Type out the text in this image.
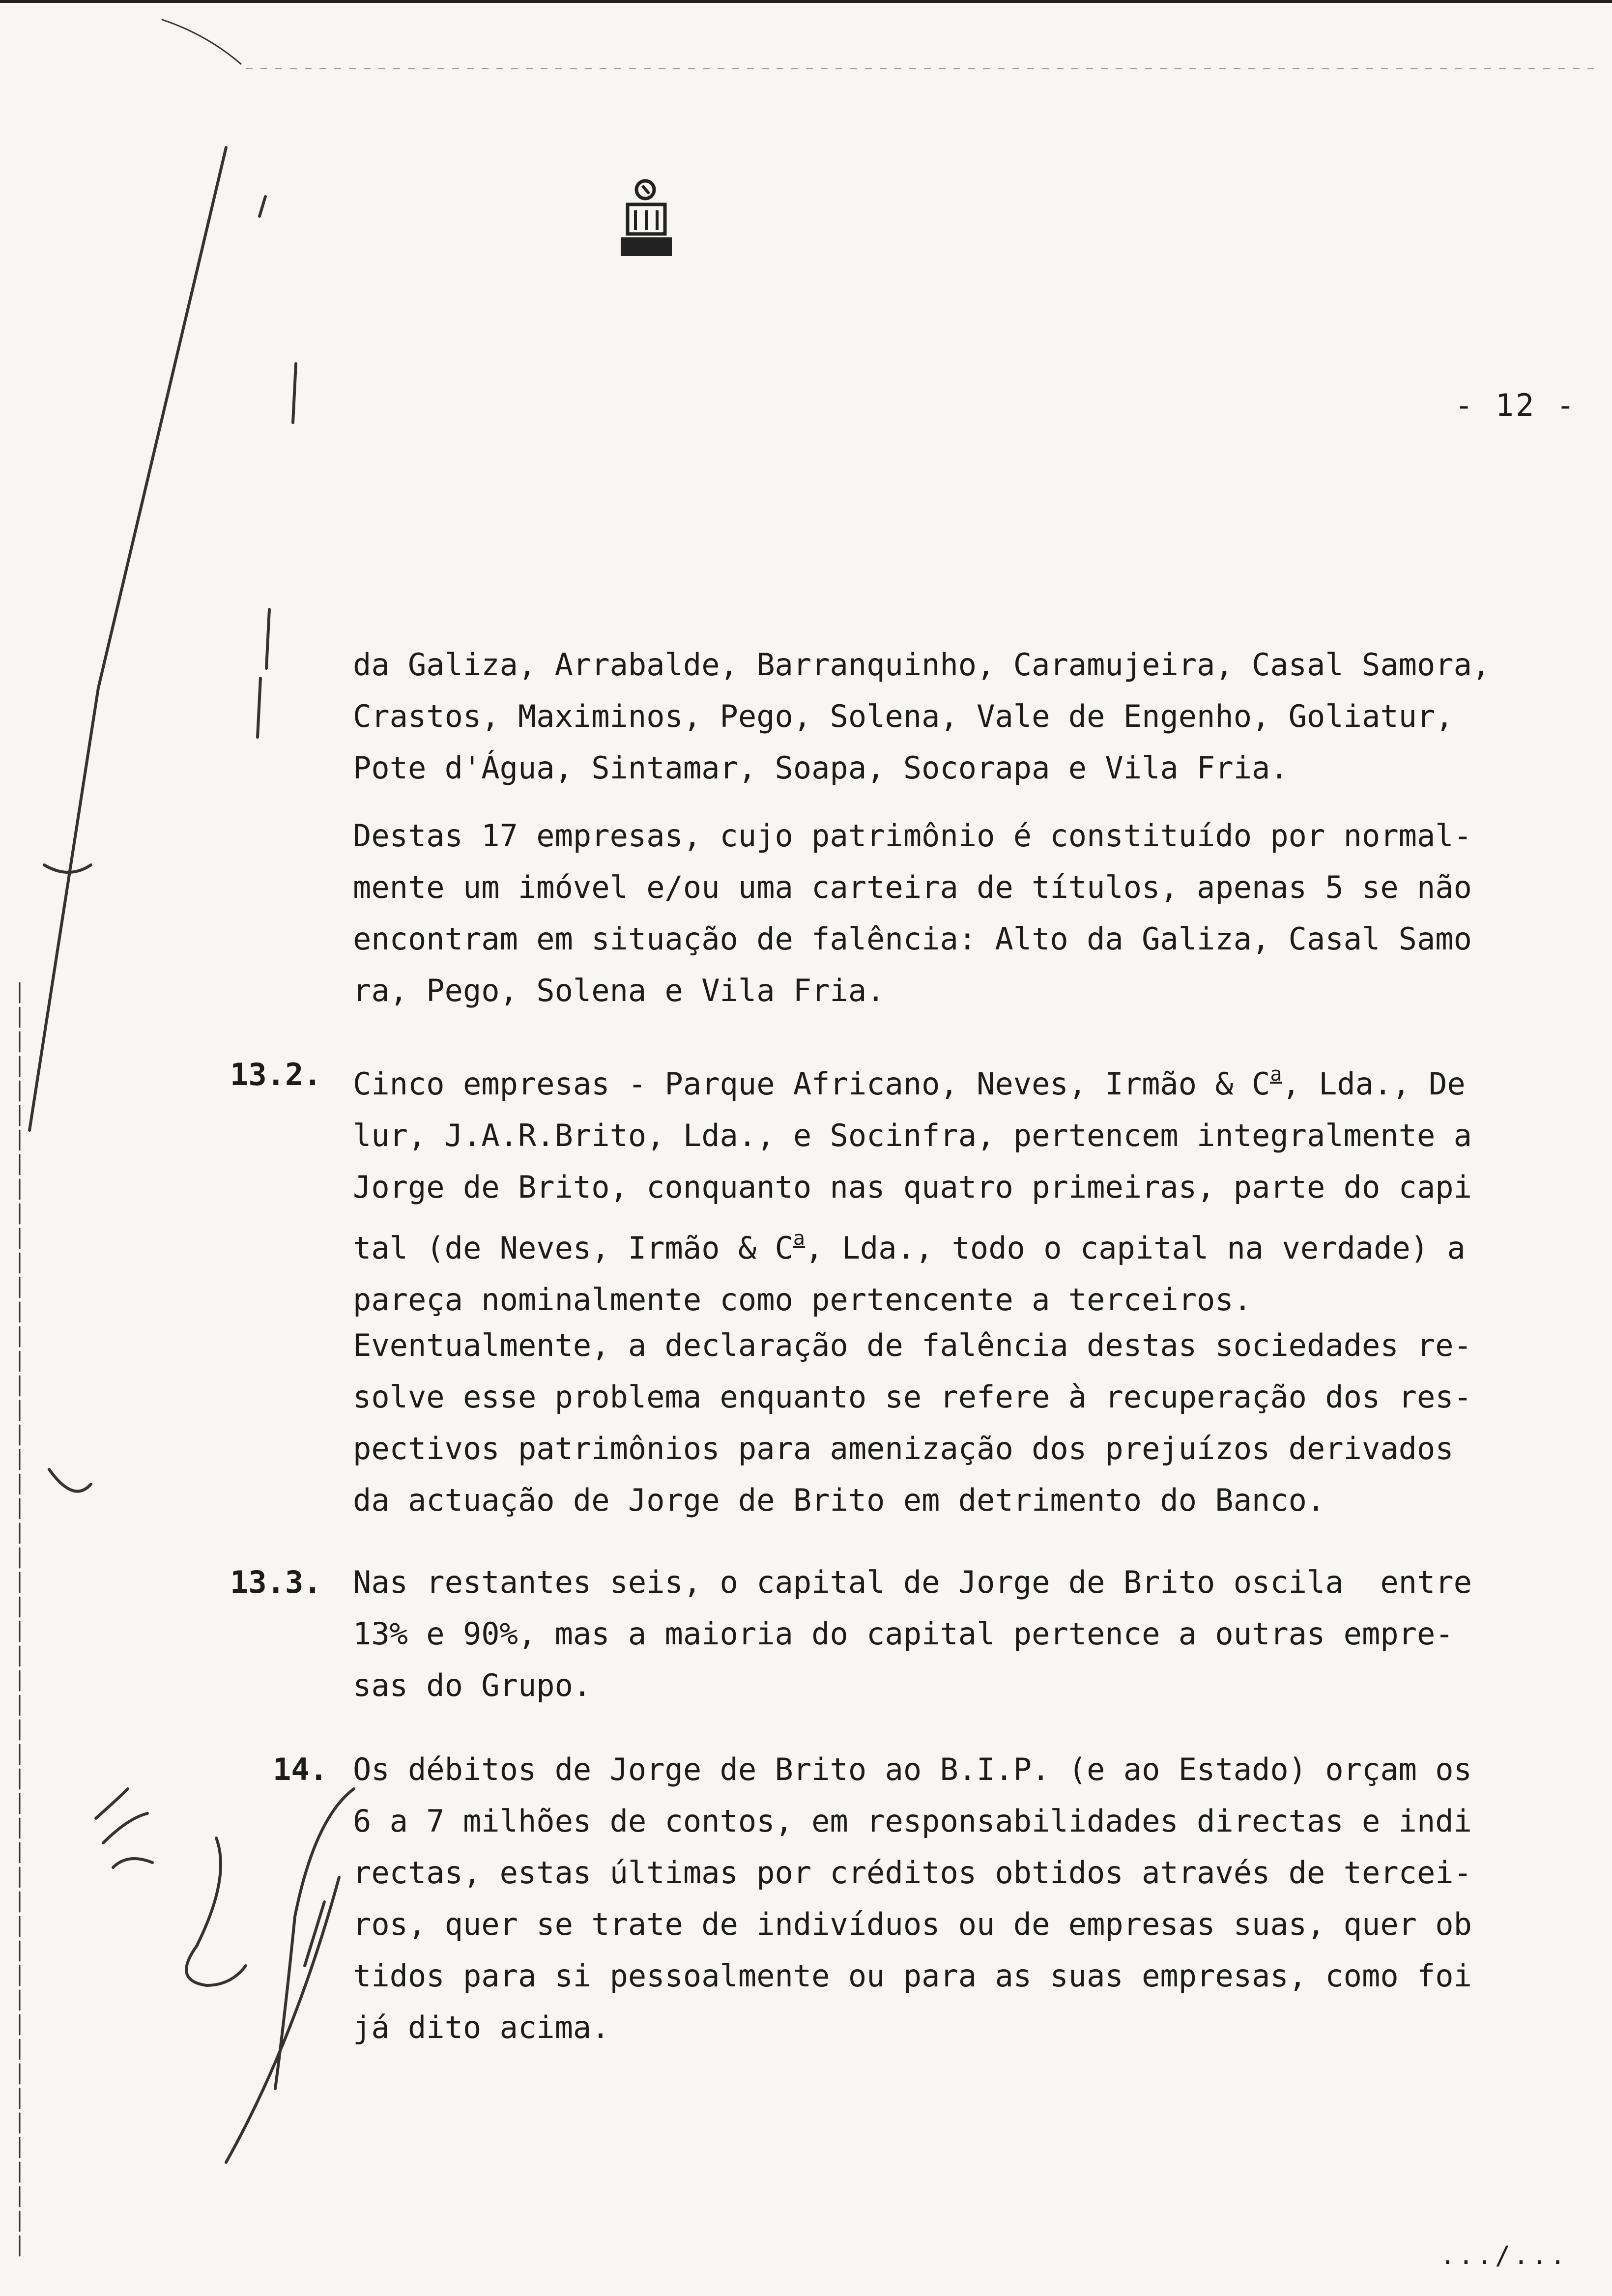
- 12 -
da Galiza, Arrabalde, Barranquinho, Caramujeira, Casal Samora,
Crastos, Maximinos, Pego, Solena, Vale de Engenho, Goliatur,
Pote d'Água, Sintamar, Soapa, Socorapa e Vila Fria.
Destas 17 empresas, cujo patrimônio é constituído por normal-
mente um imóvel e/ou uma carteira de títulos, apenas 5 se não
encontram em situação de falência: Alto da Galiza, Casal Samo
ra, Pego, Solena e Vila Fria.
13.2. Cinco empresas - Parque Africano, Neves, Irmão & $C^a$, Lda., De
lur, J.A.R.Brito, Lda., e Socinfra, pertencem integralmente a
Jorge de Brito, conquanto nas quatro primeiras, parte do capi
tal (de Neves, Irmão & $C^a$, Lda., todo o capital na verdade) a
pareça nominalmente como pertencente a terceiros.
Eventualmente, a declaração de falência destas sociedades re-
solve esse problema enquanto se refere à recuperação dos res-
pectivos patrimônios para amenização dos prejuízos derivados
da actuação de Jorge de Brito em detrimento do Banco.
13.3. Nas restantes seis, o capital de Jorge de Brito oscila  entre
13% e 90%, mas a maioria do capital pertence a outras empre-
sas do Grupo.
14. Os débitos de Jorge de Brito ao B.I.P. (e ao Estado) orçam os
6 a 7 milhões de contos, em responsabilidades directas e indi
rectas, estas últimas por créditos obtidos através de tercei-
ros, quer se trate de indivíduos ou de empresas suas, quer ob
tidos para si pessoalmente ou para as suas empresas, como foi
já dito acima.
.../...
